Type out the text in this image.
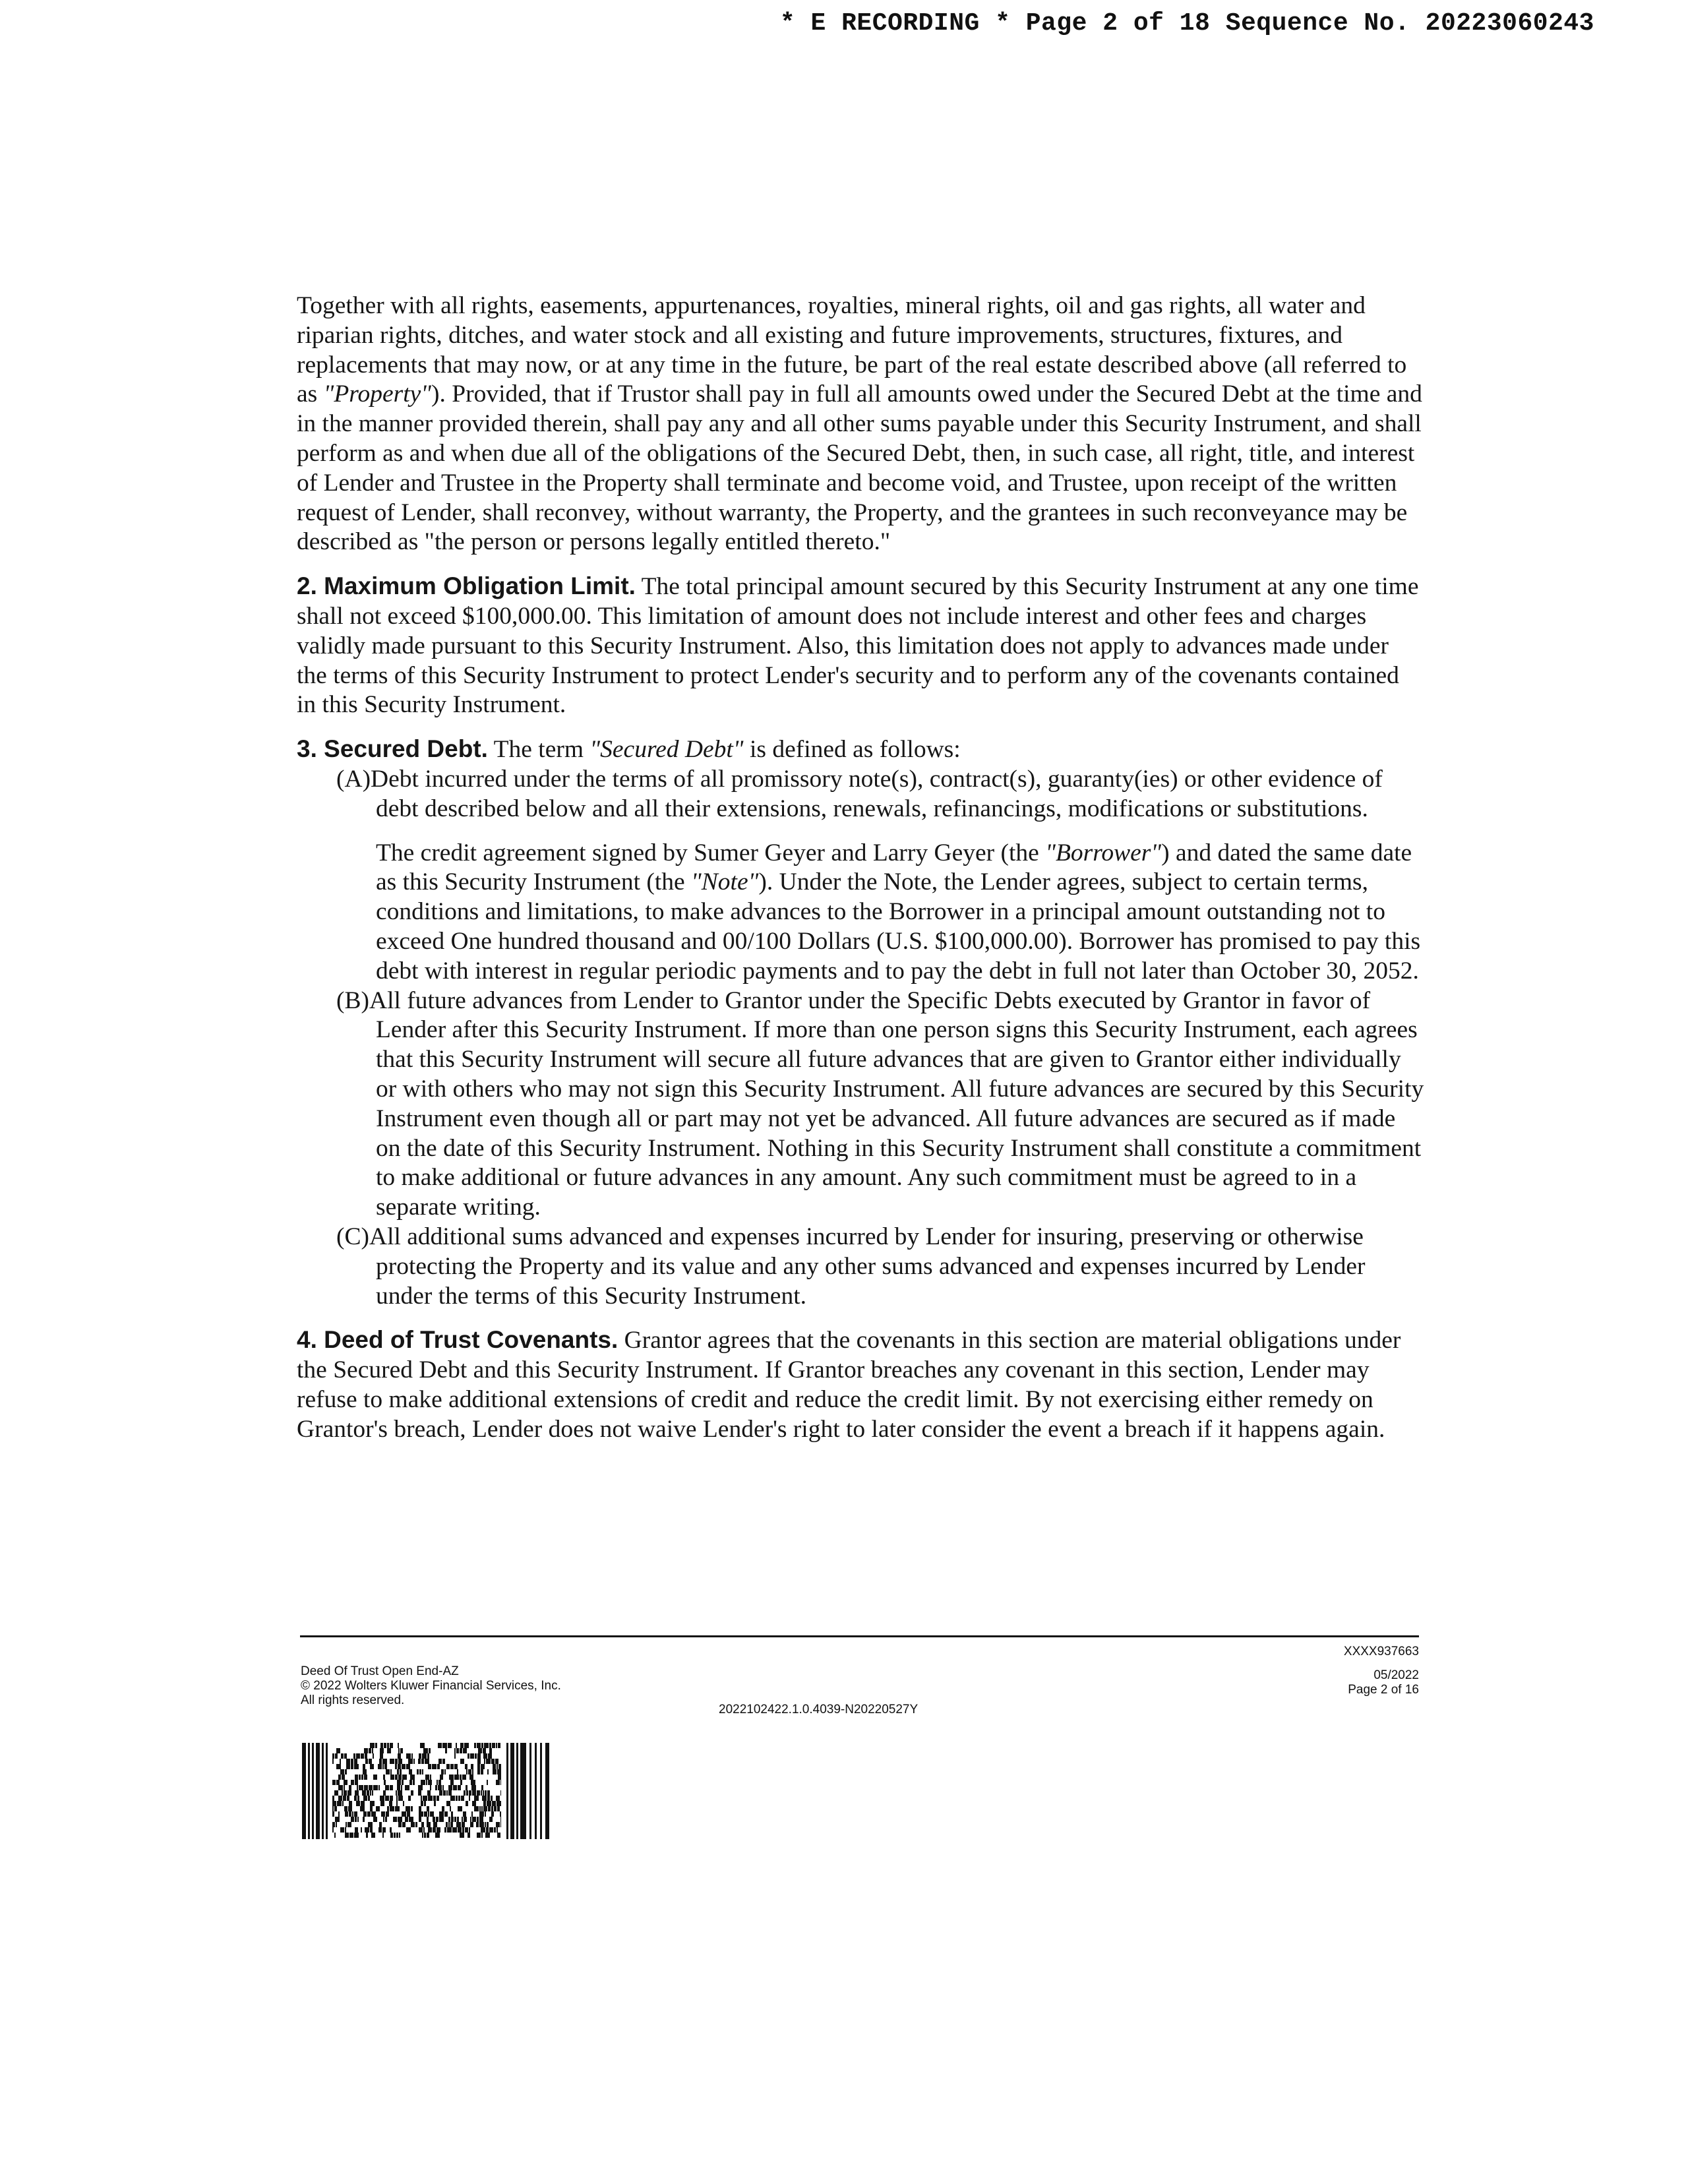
* E RECORDING * Page 2 of 18 Sequence No. 20223060243

Together with all rights, easements, appurtenances, royalties, mineral rights, oil and gas rights, all water and riparian rights, ditches, and water stock and all existing and future improvements, structures, fixtures, and replacements that may now, or at any time in the future, be part of the real estate described above (all referred to as "Property"). Provided, that if Trustor shall pay in full all amounts owed under the Secured Debt at the time and in the manner provided therein, shall pay any and all other sums payable under this Security Instrument, and shall perform as and when due all of the obligations of the Secured Debt, then, in such case, all right, title, and interest of Lender and Trustee in the Property shall terminate and become void, and Trustee, upon receipt of the written request of Lender, shall reconvey, without warranty, the Property, and the grantees in such reconveyance may be described as "the person or persons legally entitled thereto."

2. Maximum Obligation Limit. The total principal amount secured by this Security Instrument at any one time shall not exceed $100,000.00. This limitation of amount does not include interest and other fees and charges validly made pursuant to this Security Instrument. Also, this limitation does not apply to advances made under the terms of this Security Instrument to protect Lender's security and to perform any of the covenants contained in this Security Instrument.

3. Secured Debt. The term "Secured Debt" is defined as follows:

(A)Debt incurred under the terms of all promissory note(s), contract(s), guaranty(ies) or other evidence of debt described below and all their extensions, renewals, refinancings, modifications or substitutions.

The credit agreement signed by Sumer Geyer and Larry Geyer (the "Borrower") and dated the same date as this Security Instrument (the "Note"). Under the Note, the Lender agrees, subject to certain terms, conditions and limitations, to make advances to the Borrower in a principal amount outstanding not to exceed One hundred thousand and 00/100 Dollars (U.S. $100,000.00). Borrower has promised to pay this debt with interest in regular periodic payments and to pay the debt in full not later than October 30, 2052.

(B)All future advances from Lender to Grantor under the Specific Debts executed by Grantor in favor of Lender after this Security Instrument. If more than one person signs this Security Instrument, each agrees that this Security Instrument will secure all future advances that are given to Grantor either individually or with others who may not sign this Security Instrument. All future advances are secured by this Security Instrument even though all or part may not yet be advanced. All future advances are secured as if made on the date of this Security Instrument. Nothing in this Security Instrument shall constitute a commitment to make additional or future advances in any amount. Any such commitment must be agreed to in a separate writing.

(C)All additional sums advanced and expenses incurred by Lender for insuring, preserving or otherwise protecting the Property and its value and any other sums advanced and expenses incurred by Lender under the terms of this Security Instrument.

4. Deed of Trust Covenants. Grantor agrees that the covenants in this section are material obligations under the Secured Debt and this Security Instrument. If Grantor breaches any covenant in this section, Lender may refuse to make additional extensions of credit and reduce the credit limit. By not exercising either remedy on Grantor's breach, Lender does not waive Lender's right to later consider the event a breach if it happens again.

Deed Of Trust Open End-AZ
© 2022 Wolters Kluwer Financial Services, Inc.
All rights reserved.
2022102422.1.0.4039-N20220527Y
XXXX937663
05/2022
Page 2 of 16
